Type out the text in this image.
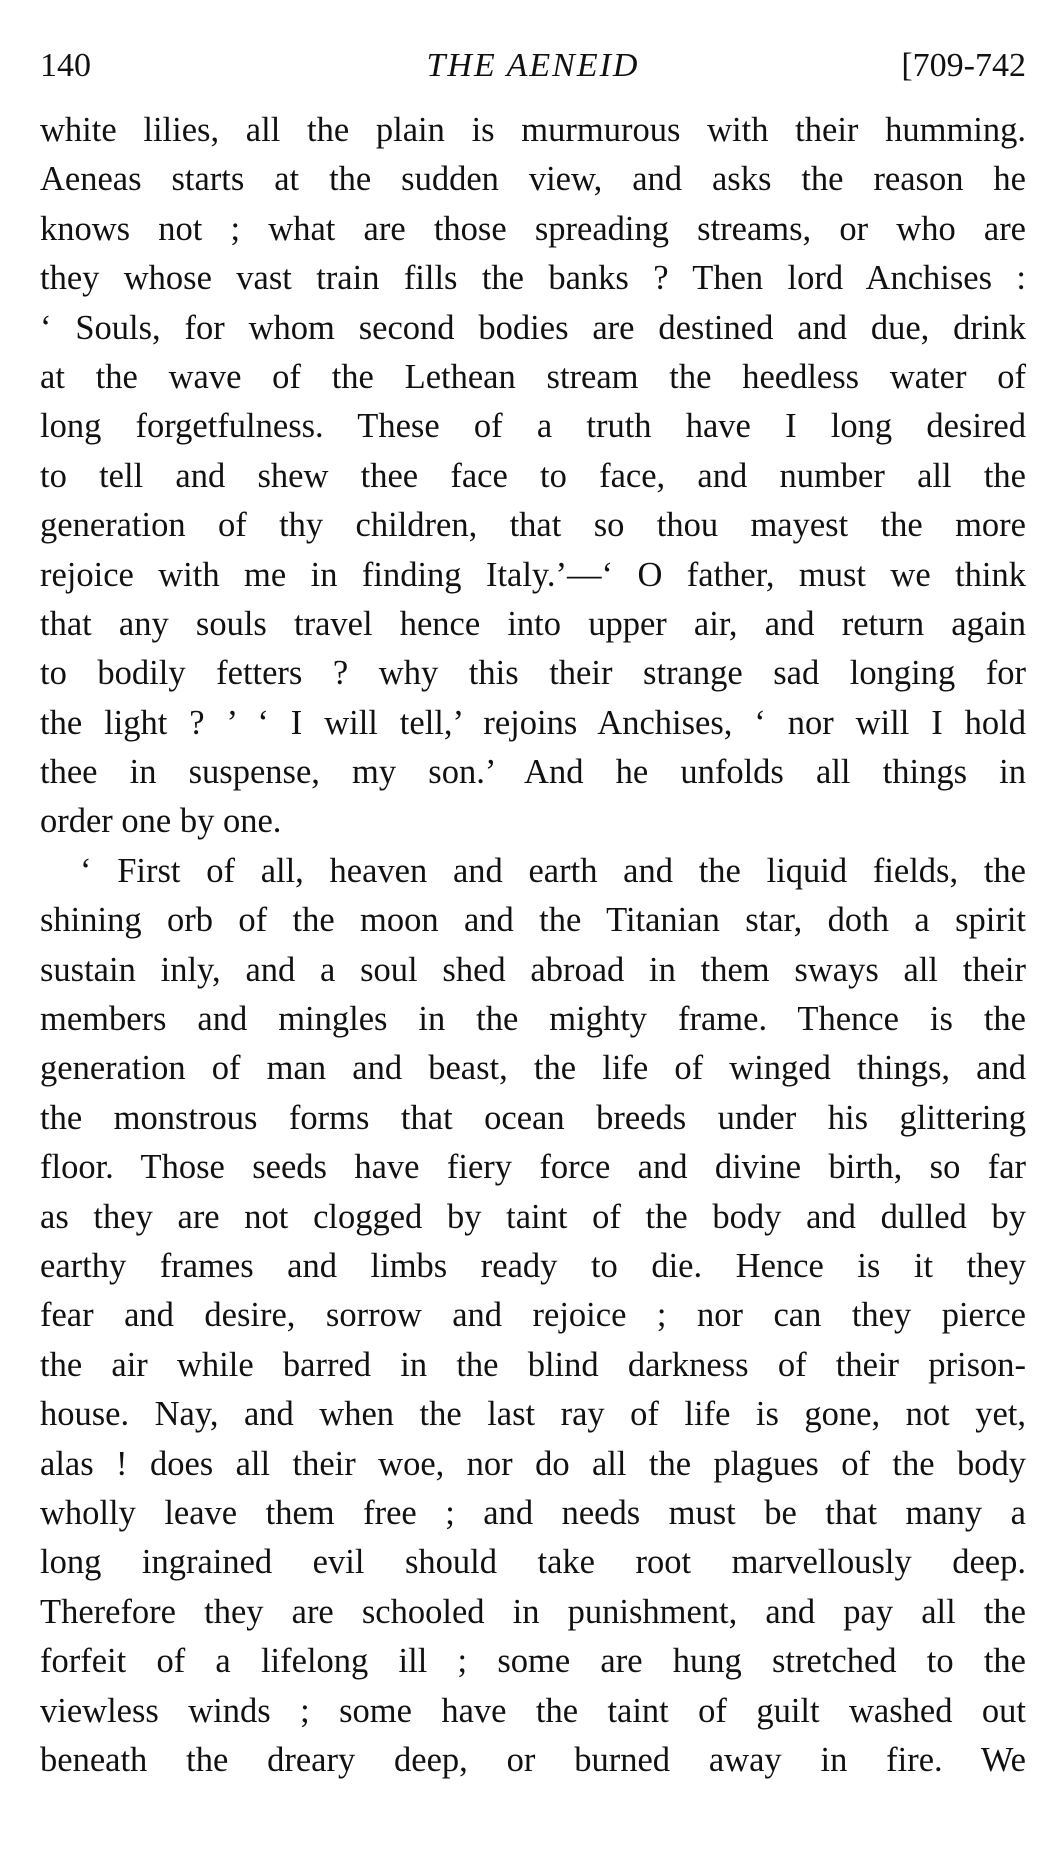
140	THE AENEID	[709-742
white lilies, all the plain is murmurous with their humming.
Aeneas starts at the sudden view, and asks the reason he
knows not ; what are those spreading streams, or who are
they whose vast train fills the banks ? Then lord Anchises :
‘ Souls, for whom second bodies are destined and due, drink
at the wave of the Lethean stream the heedless water of
long forgetfulness. These of a truth have I long desired
to tell and shew thee face to face, and number all the
generation of thy children, that so thou mayest the more
rejoice with me in finding Italy.’—‘ O father, must we think
that any souls travel hence into upper air, and return again
to bodily fetters ? why this their strange sad longing for
the light ? ’ ‘ I will tell,’ rejoins Anchises, ‘ nor will I hold
thee in suspense, my son.’ And he unfolds all things in
order one by one.
‘ First of all, heaven and earth and the liquid fields, the
shining orb of the moon and the Titanian star, doth a spirit
sustain inly, and a soul shed abroad in them sways all their
members and mingles in the mighty frame. Thence is the
generation of man and beast, the life of winged things, and
the monstrous forms that ocean breeds under his glittering
floor. Those seeds have fiery force and divine birth, so far
as they are not clogged by taint of the body and dulled by
earthy frames and limbs ready to die. Hence is it they
fear and desire, sorrow and rejoice ; nor can they pierce
the air while barred in the blind darkness of their prison-
house. Nay, and when the last ray of life is gone, not yet,
alas ! does all their woe, nor do all the plagues of the body
wholly leave them free ; and needs must be that many a
long ingrained evil should take root marvellously deep.
Therefore they are schooled in punishment, and pay all the
forfeit of a lifelong ill ; some are hung stretched to the
viewless winds ; some have the taint of guilt washed out
beneath the dreary deep, or burned away in fire. We
